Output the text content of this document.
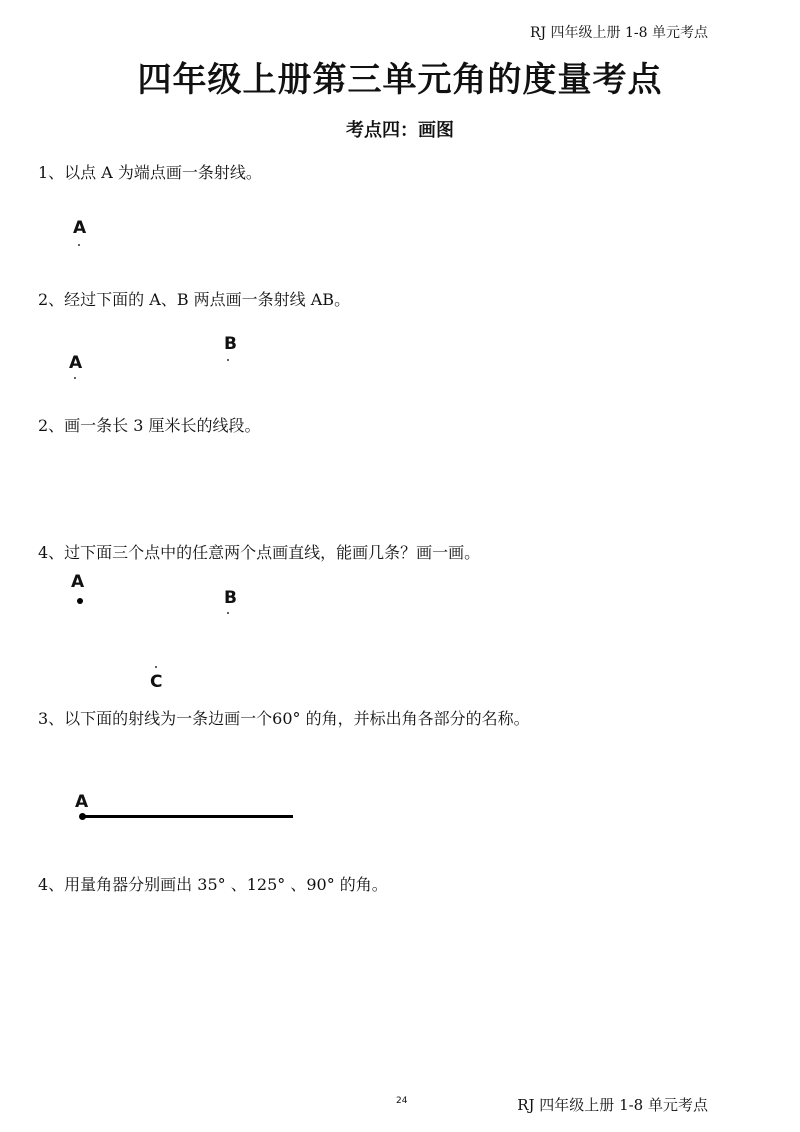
RJ 四年级上册 1-8 单元考点
四年级上册第三单元角的度量考点
考点四：画图
1、以点 A 为端点画一条射线。
A
2、经过下面的 A、B 两点画一条射线 AB。
B
A
2、画一条长 3 厘米长的线段。
4、过下面三个点中的任意两个点画直线，能画几条？画一画。
A
B
C
3、以下面的射线为一条边画一个60° 的角，并标出角各部分的名称。
A
4、用量角器分别画出 35° 、125° 、90° 的角。
24	RJ 四年级上册 1-8 单元考点
